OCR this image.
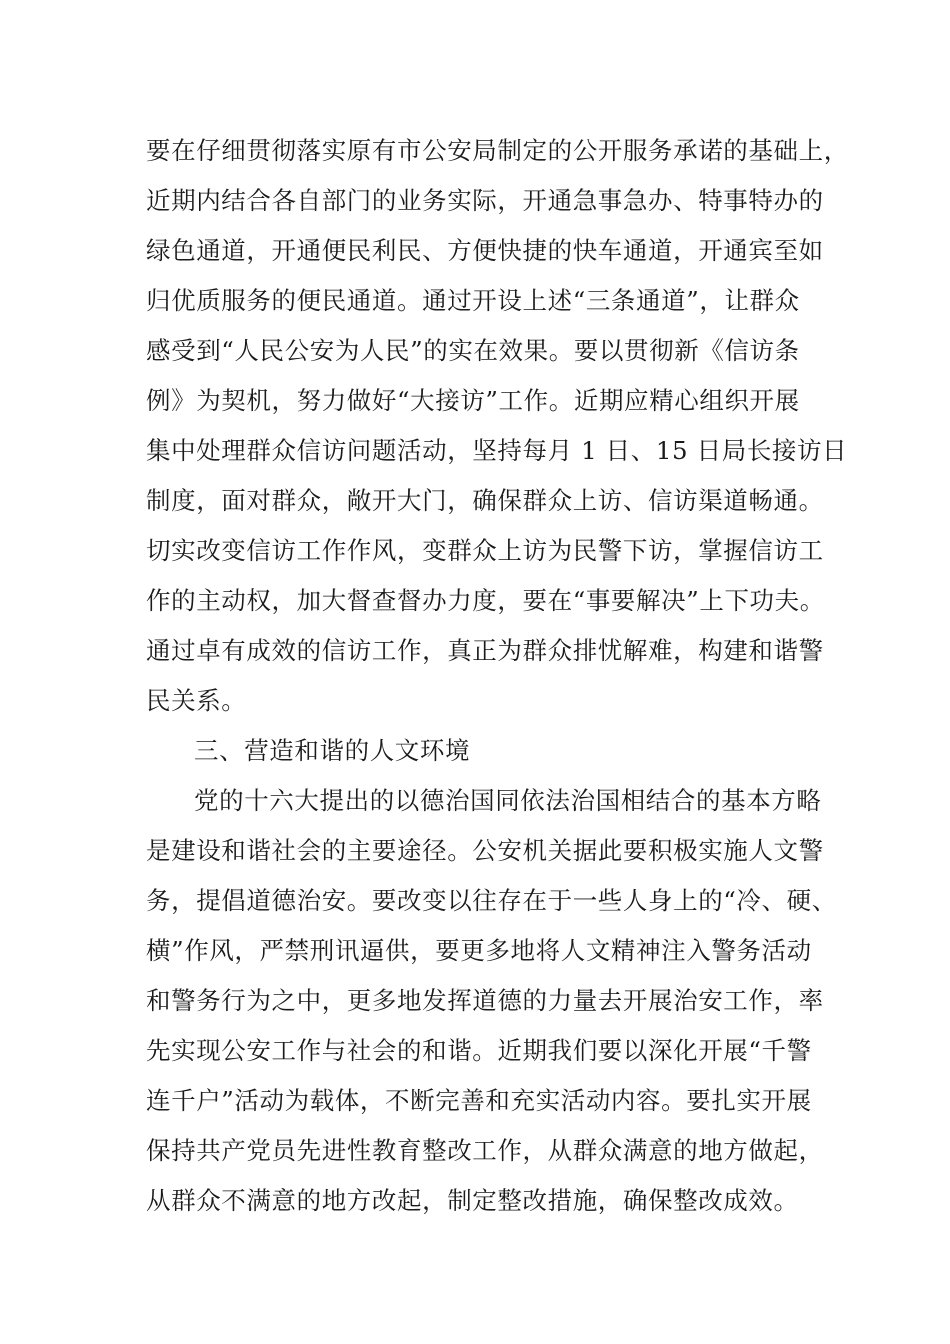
要在仔细贯彻落实原有市公安局制定的公开服务承诺的基础上，
近期内结合各自部门的业务实际，开通急事急办、特事特办的
绿色通道，开通便民利民、方便快捷的快车通道，开通宾至如
归优质服务的便民通道。通过开设上述“三条通道”，让群众
感受到“人民公安为人民”的实在效果。要以贯彻新《信访条
例》为契机，努力做好“大接访”工作。近期应精心组织开展
集中处理群众信访问题活动，坚持每月 1 日、15 日局长接访日
制度，面对群众，敞开大门，确保群众上访、信访渠道畅通。
切实改变信访工作作风，变群众上访为民警下访，掌握信访工
作的主动权，加大督查督办力度，要在“事要解决”上下功夫。
通过卓有成效的信访工作，真正为群众排忧解难，构建和谐警
民关系。
三、营造和谐的人文环境
党的十六大提出的以德治国同依法治国相结合的基本方略
是建设和谐社会的主要途径。公安机关据此要积极实施人文警
务，提倡道德治安。要改变以往存在于一些人身上的“冷、硬、
横”作风，严禁刑讯逼供，要更多地将人文精神注入警务活动
和警务行为之中，更多地发挥道德的力量去开展治安工作，率
先实现公安工作与社会的和谐。近期我们要以深化开展“千警
连千户”活动为载体，不断完善和充实活动内容。要扎实开展
保持共产党员先进性教育整改工作，从群众满意的地方做起，
从群众不满意的地方改起，制定整改措施，确保整改成效。
